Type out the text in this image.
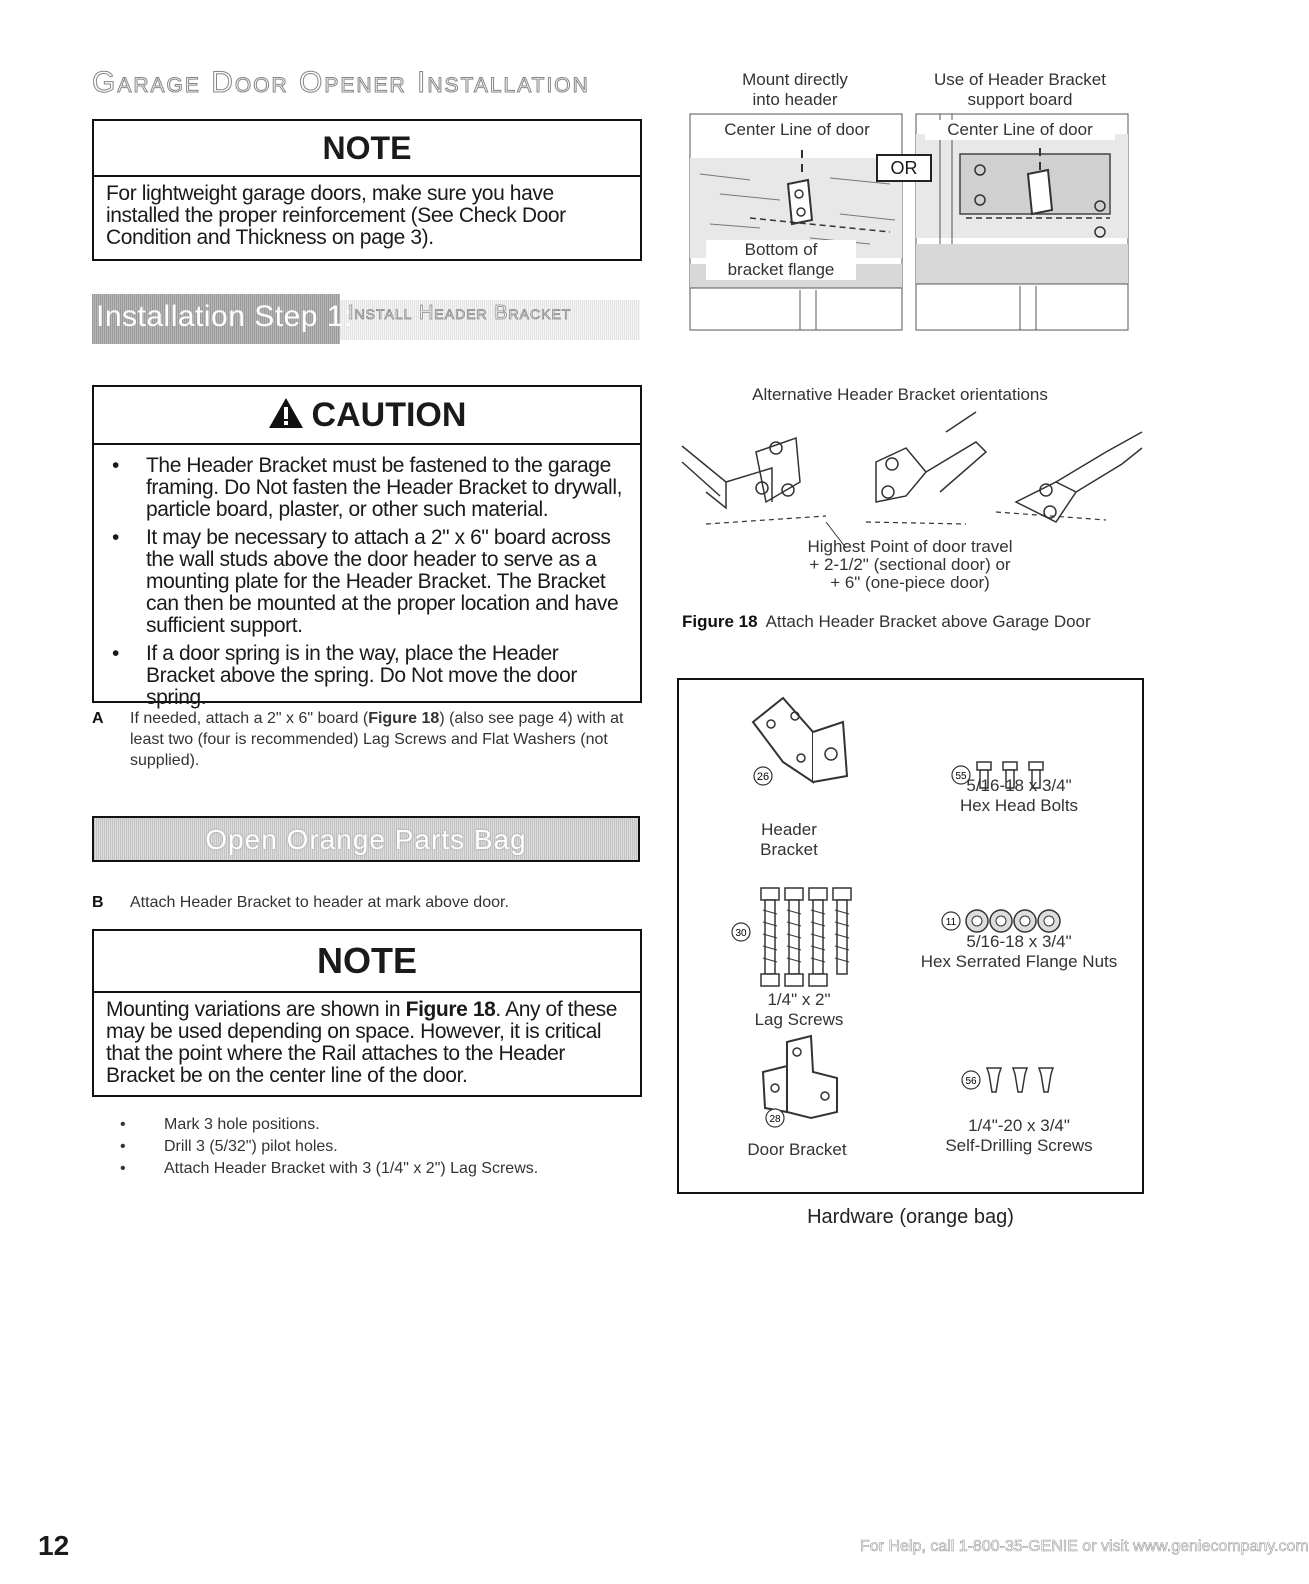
Garage Door Opener Installation
NOTE
For lightweight garage doors, make sure you have installed the proper reinforcement (See Check Door Condition and Thickness on page 3).
Installation Step 1:
Install Header Bracket
CAUTION
• The Header Bracket must be fastened to the garage framing. Do Not fasten the Header Bracket to drywall, particle board, plaster, or other such material.
• It may be necessary to attach a 2" x 6" board across the wall studs above the door header to serve as a mounting plate for the Header Bracket. The Bracket can then be mounted at the proper location and have sufficient support.
• If a door spring is in the way, place the Header Bracket above the spring. Do Not move the door spring.
A If needed, attach a 2" x 6" board (Figure 18) (also see page 4) with at least two (four is recommended) Lag Screws and Flat Washers (not supplied).
Open Orange Parts Bag
B Attach Header Bracket to header at mark above door.
NOTE
Mounting variations are shown in Figure 18. Any of these may be used depending on space. However, it is critical that the point where the Rail attaches to the Header Bracket be on the center line of the door.
• Mark 3 hole positions.
• Drill 3 (5/32") pilot holes.
• Attach Header Bracket with 3 (1/4" x 2") Lag Screws.
Mount directly
into header
Use of Header Bracket
support board
Center Line of door	Center Line of door
OR
Bottom of
bracket flange
Alternative Header Bracket orientations
Highest Point of door travel
+ 2-1/2" (sectional door) or
+ 6" (one-piece door)
Figure 18 Attach Header Bracket above Garage Door
26
Header
Bracket
55 5/16-18 x 3/4"
Hex Head Bolts
30
1/4" x 2"
Lag Screws
11
5/16-18 x 3/4"
Hex Serrated Flange Nuts
28
Door Bracket
56
1/4"-20 x 3/4"
Self-Drilling Screws
Hardware (orange bag)
12	For Help, call 1-800-35-GENIE or visit www.geniecompany.com
